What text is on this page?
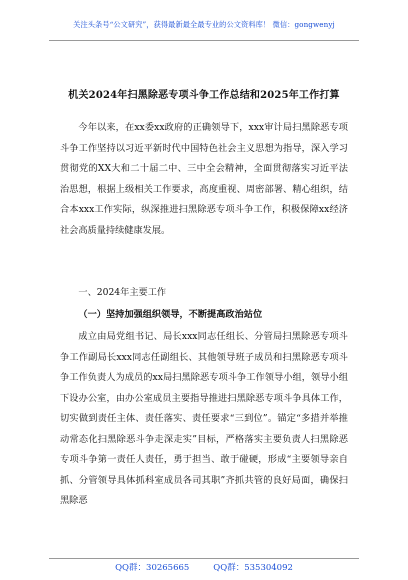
关注头条号“公文研究”，获得最新最全最专业的公文资料库！ 微信：gongwenyj
机关2024年扫黑除恶专项斗争工作总结和2025年工作打算

今年以来，在xx委xx政府的正确领导下，xxx审计局扫黑除恶专项斗争工作坚持以习近平新时代中国特色社会主义思想为指导，深入学习贯彻党的XX大和二十届二中、三中全会精神，全面贯彻落实习近平法治思想，根据上级相关工作要求，高度重视、周密部署、精心组织，结合本xxx工作实际，纵深推进扫黑除恶专项斗争工作，积极保障xx经济社会高质量持续健康发展。

一、2024年主要工作

（一）坚持加强组织领导，不断提高政治站位

成立由局党组书记、局长xxx同志任组长、分管局扫黑除恶专项斗争工作副局长xxx同志任副组长、其他领导班子成员和扫黑除恶专项斗争工作负责人为成员的xx局扫黑除恶专项斗争工作领导小组，领导小组下设办公室，由办公室成员主要指导推进扫黑除恶专项斗争具体工作，切实做到责任主体、责任落实、责任要求“三到位”。锚定“多措并举推动常态化扫黑除恶斗争走深走实”目标，严格落实主要负责人扫黑除恶专项斗争第一责任人责任，勇于担当、敢于碰硬，形成“主要领导亲自抓、分管领导具体抓科室成员各司其职”齐抓共管的良好局面，确保扫黑除恶

QQ群：30265665	QQ群：535304092
